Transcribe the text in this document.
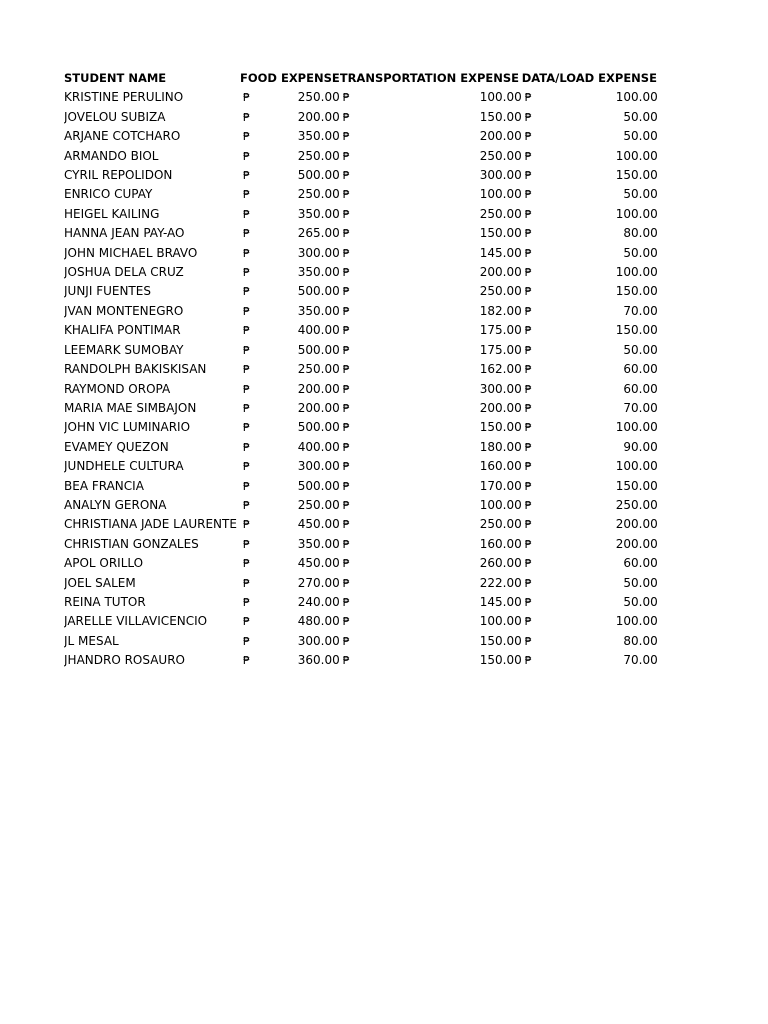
STUDENT NAME	FOOD EXPENSE		TRANSPORTATION EXPENSE		DATA/LOAD EXPENSE	
KRISTINE PERULINO	₱	250.00	₱	100.00	₱	100.00
JOVELOU SUBIZA	₱	200.00	₱	150.00	₱	50.00
ARJANE COTCHARO	₱	350.00	₱	200.00	₱	50.00
ARMANDO BIOL	₱	250.00	₱	250.00	₱	100.00
CYRIL REPOLIDON	₱	500.00	₱	300.00	₱	150.00
ENRICO CUPAY	₱	250.00	₱	100.00	₱	50.00
HEIGEL KAILING	₱	350.00	₱	250.00	₱	100.00
HANNA JEAN PAY-AO	₱	265.00	₱	150.00	₱	80.00
JOHN MICHAEL BRAVO	₱	300.00	₱	145.00	₱	50.00
JOSHUA DELA CRUZ	₱	350.00	₱	200.00	₱	100.00
JUNJI FUENTES	₱	500.00	₱	250.00	₱	150.00
JVAN MONTENEGRO	₱	350.00	₱	182.00	₱	70.00
KHALIFA PONTIMAR	₱	400.00	₱	175.00	₱	150.00
LEEMARK SUMOBAY	₱	500.00	₱	175.00	₱	50.00
RANDOLPH BAKISKISAN	₱	250.00	₱	162.00	₱	60.00
RAYMOND OROPA	₱	200.00	₱	300.00	₱	60.00
MARIA MAE SIMBAJON	₱	200.00	₱	200.00	₱	70.00
JOHN VIC LUMINARIO	₱	500.00	₱	150.00	₱	100.00
EVAMEY QUEZON	₱	400.00	₱	180.00	₱	90.00
JUNDHELE CULTURA	₱	300.00	₱	160.00	₱	100.00
BEA FRANCIA	₱	500.00	₱	170.00	₱	150.00
ANALYN GERONA	₱	250.00	₱	100.00	₱	250.00
CHRISTIANA JADE LAURENTE	₱	450.00	₱	250.00	₱	200.00
CHRISTIAN GONZALES	₱	350.00	₱	160.00	₱	200.00
APOL ORILLO	₱	450.00	₱	260.00	₱	60.00
JOEL SALEM	₱	270.00	₱	222.00	₱	50.00
REINA TUTOR	₱	240.00	₱	145.00	₱	50.00
JARELLE VILLAVICENCIO	₱	480.00	₱	100.00	₱	100.00
JL MESAL	₱	300.00	₱	150.00	₱	80.00
JHANDRO ROSAURO	₱	360.00	₱	150.00	₱	70.00
